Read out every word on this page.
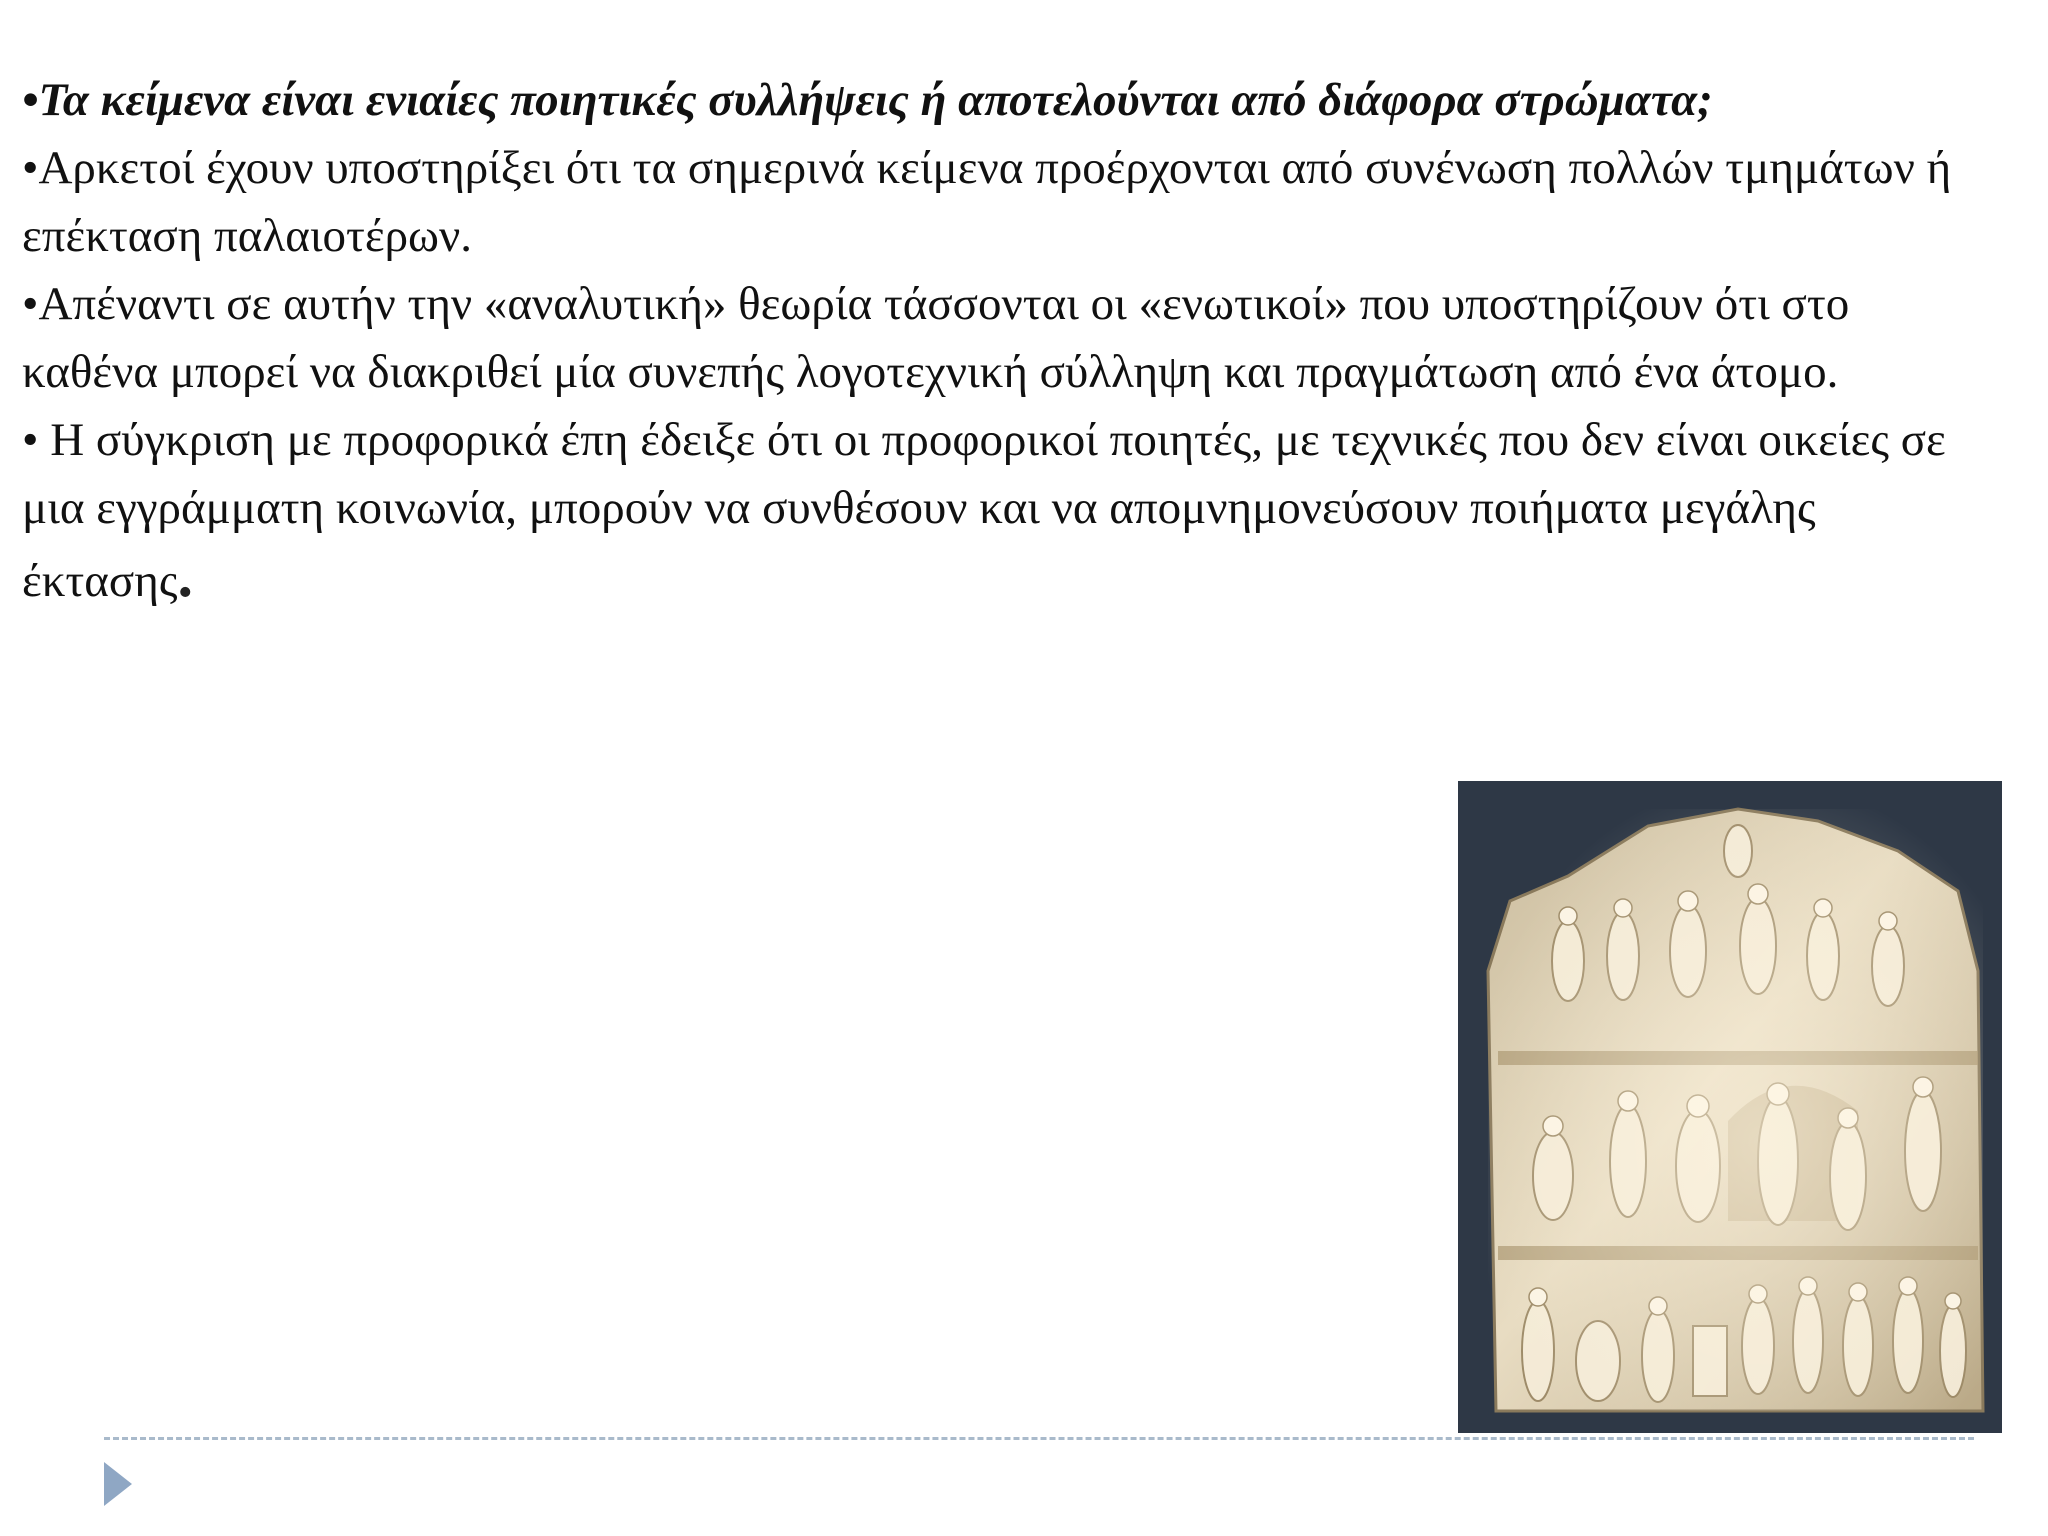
•Τα κείμενα είναι ενιαίες ποιητικές συλλήψεις ή αποτελούνται από διάφορα στρώματα;

•Αρκετοί έχουν υποστηρίξει ότι τα σημερινά κείμενα προέρχονται από συνένωση πολλών τμημάτων ή επέκταση παλαιοτέρων.

•Απέναντι σε αυτήν την «αναλυτική» θεωρία τάσσονται οι «ενωτικοί» που υποστηρίζουν ότι στο καθένα μπορεί να διακριθεί μία συνεπής λογοτεχνική σύλληψη και πραγμάτωση από ένα άτομο.

• Η σύγκριση με προφορικά έπη έδειξε ότι οι προφορικοί ποιητές, με τεχνικές που δεν είναι οικείες σε μια εγγράμματη κοινωνία, μπορούν να συνθέσουν και να απομνημονεύσουν ποιήματα μεγάλης έκτασης.
